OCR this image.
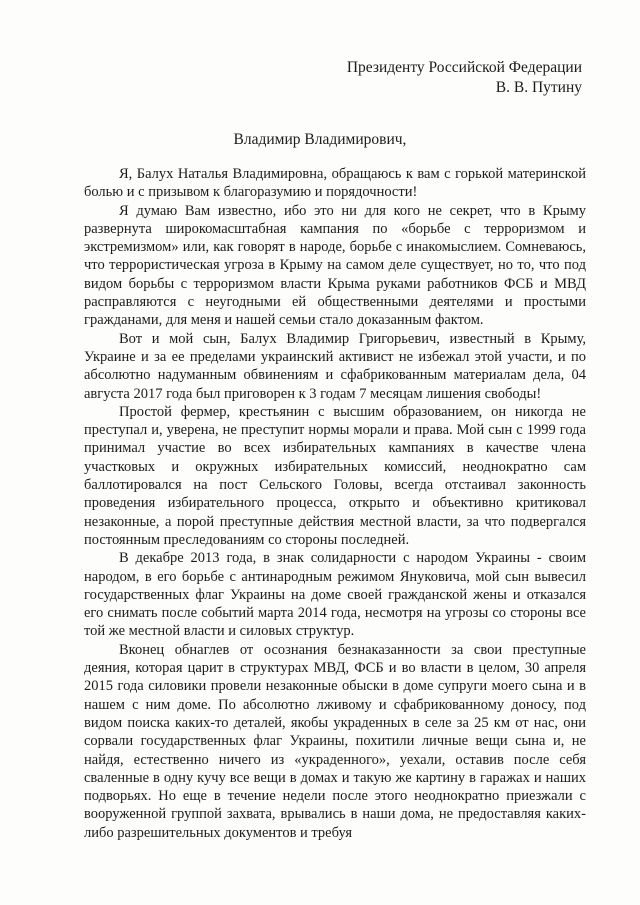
Президенту Российской Федерации
В. В. Путину
Владимир Владимирович,

Я, Балух Наталья Владимировна, обращаюсь к вам с горькой материнской болью и с призывом к благоразумию и порядочности!

Я думаю Вам известно, ибо это ни для кого не секрет, что в Крыму развернута широкомасштабная кампания по «борьбе с терроризмом и экстремизмом» или, как говорят в народе, борьбе с инакомыслием. Сомневаюсь, что террористическая угроза в Крыму на самом деле существует, но то, что под видом борьбы с терроризмом власти Крыма руками работников ФСБ и МВД расправляются с неугодными ей общественными деятелями и простыми гражданами, для меня и нашей семьи стало доказанным фактом.

Вот и мой сын, Балух Владимир Григорьевич, известный в Крыму, Украине и за ее пределами украинский активист не избежал этой участи, и по абсолютно надуманным обвинениям и сфабрикованным материалам дела, 04 августа 2017 года был приговорен к 3 годам 7 месяцам лишения свободы!

Простой фермер, крестьянин с высшим образованием, он никогда не преступал и, уверена, не преступит нормы морали и права. Мой сын с 1999 года принимал участие во всех избирательных кампаниях в качестве члена участковых и окружных избирательных комиссий, неоднократно сам баллотировался на пост Сельского Головы, всегда отстаивал законность проведения избирательного процесса, открыто и объективно критиковал незаконные, а порой преступные действия местной власти, за что подвергался постоянным преследованиям со стороны последней.

В декабре 2013 года, в знак солидарности с народом Украины - своим народом, в его борьбе с антинародным режимом Януковича, мой сын вывесил государственных флаг Украины на доме своей гражданской жены и отказался его снимать после событий марта 2014 года, несмотря на угрозы со стороны все той же местной власти и силовых структур.

Вконец обнаглев от осознания безнаказанности за свои преступные деяния, которая царит в структурах МВД, ФСБ и во власти в целом, 30 апреля 2015 года силовики провели незаконные обыски в доме супруги моего сына и в нашем с ним доме. По абсолютно лживому и сфабрикованному доносу, под видом поиска каких-то деталей, якобы украденных в селе за 25 км от нас, они сорвали государственных флаг Украины, похитили личные вещи сына и, не найдя, естественно ничего из «украденного», уехали, оставив после себя сваленные в одну кучу все вещи в домах и такую же картину в гаражах и наших подворьях. Но еще в течение недели после этого неоднократно приезжали с вооруженной группой захвата, врывались в наши дома, не предоставляя каких-либо разрешительных документов и требуя
